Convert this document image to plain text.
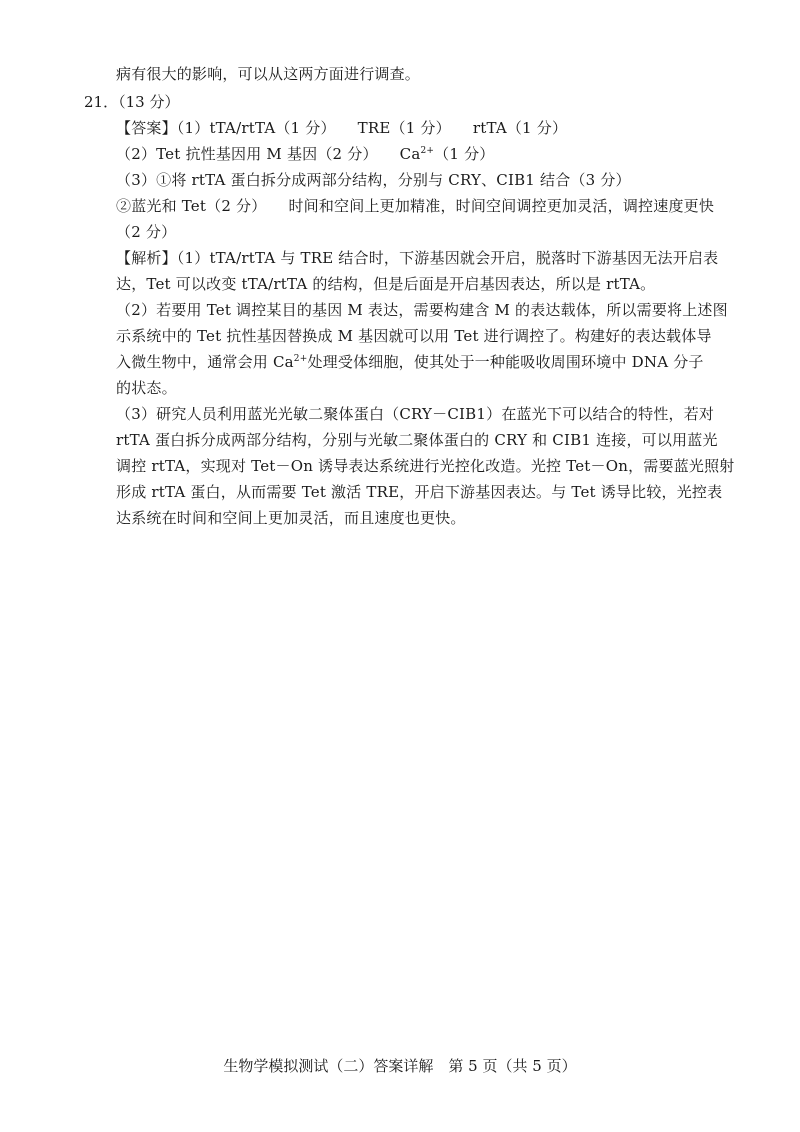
病有很大的影响，可以从这两方面进行调查。
21．（13 分）
【答案】（1）tTA/rtTA（1 分） TRE（1 分） rtTA（1 分）
（2）Tet 抗性基因用 M 基因（2 分） $Ca^{2+}(1$ 分）
（3）①将 rtTA 蛋白拆分成两部分结构，分别与 CRY、CIB1 结合（3 分）
②蓝光和 Tet（2 分） 时间和空间上更加精准，时间空间调控更加灵活，调控速度更快
（2 分）
【解析】（1）tTA/rtTA 与 TRE 结合时，下游基因就会开启，脱落时下游基因无法开启表
达，Tet 可以改变 tTA/rtTA 的结构，但是后面是开启基因表达，所以是 rtTA。
（2）若要用 Tet 调控某目的基因 M 表达，需要构建含 M 的表达载体，所以需要将上述图
示系统中的 Tet 抗性基因替换成 M 基因就可以用 Tet 进行调控了。构建好的表达载体导
入微生物中，通常会用 $Ca^{2+}$处理受体细胞，使其处于一种能吸收周围环境中 DNA 分子
的状态。
（3）研究人员利用蓝光光敏二聚体蛋白（CRY－CIB1）在蓝光下可以结合的特性，若对
rtTA 蛋白拆分成两部分结构，分别与光敏二聚体蛋白的 CRY 和 CIB1 连接，可以用蓝光
调控 rtTA，实现对 Tet－On 诱导表达系统进行光控化改造。光控 Tet－On，需要蓝光照射
形成 rtTA 蛋白，从而需要 Tet 激活 TRE，开启下游基因表达。与 Tet 诱导比较，光控表
达系统在时间和空间上更加灵活，而且速度也更快。
生物学模拟测试（二）答案详解　第 5 页（共 5 页）
